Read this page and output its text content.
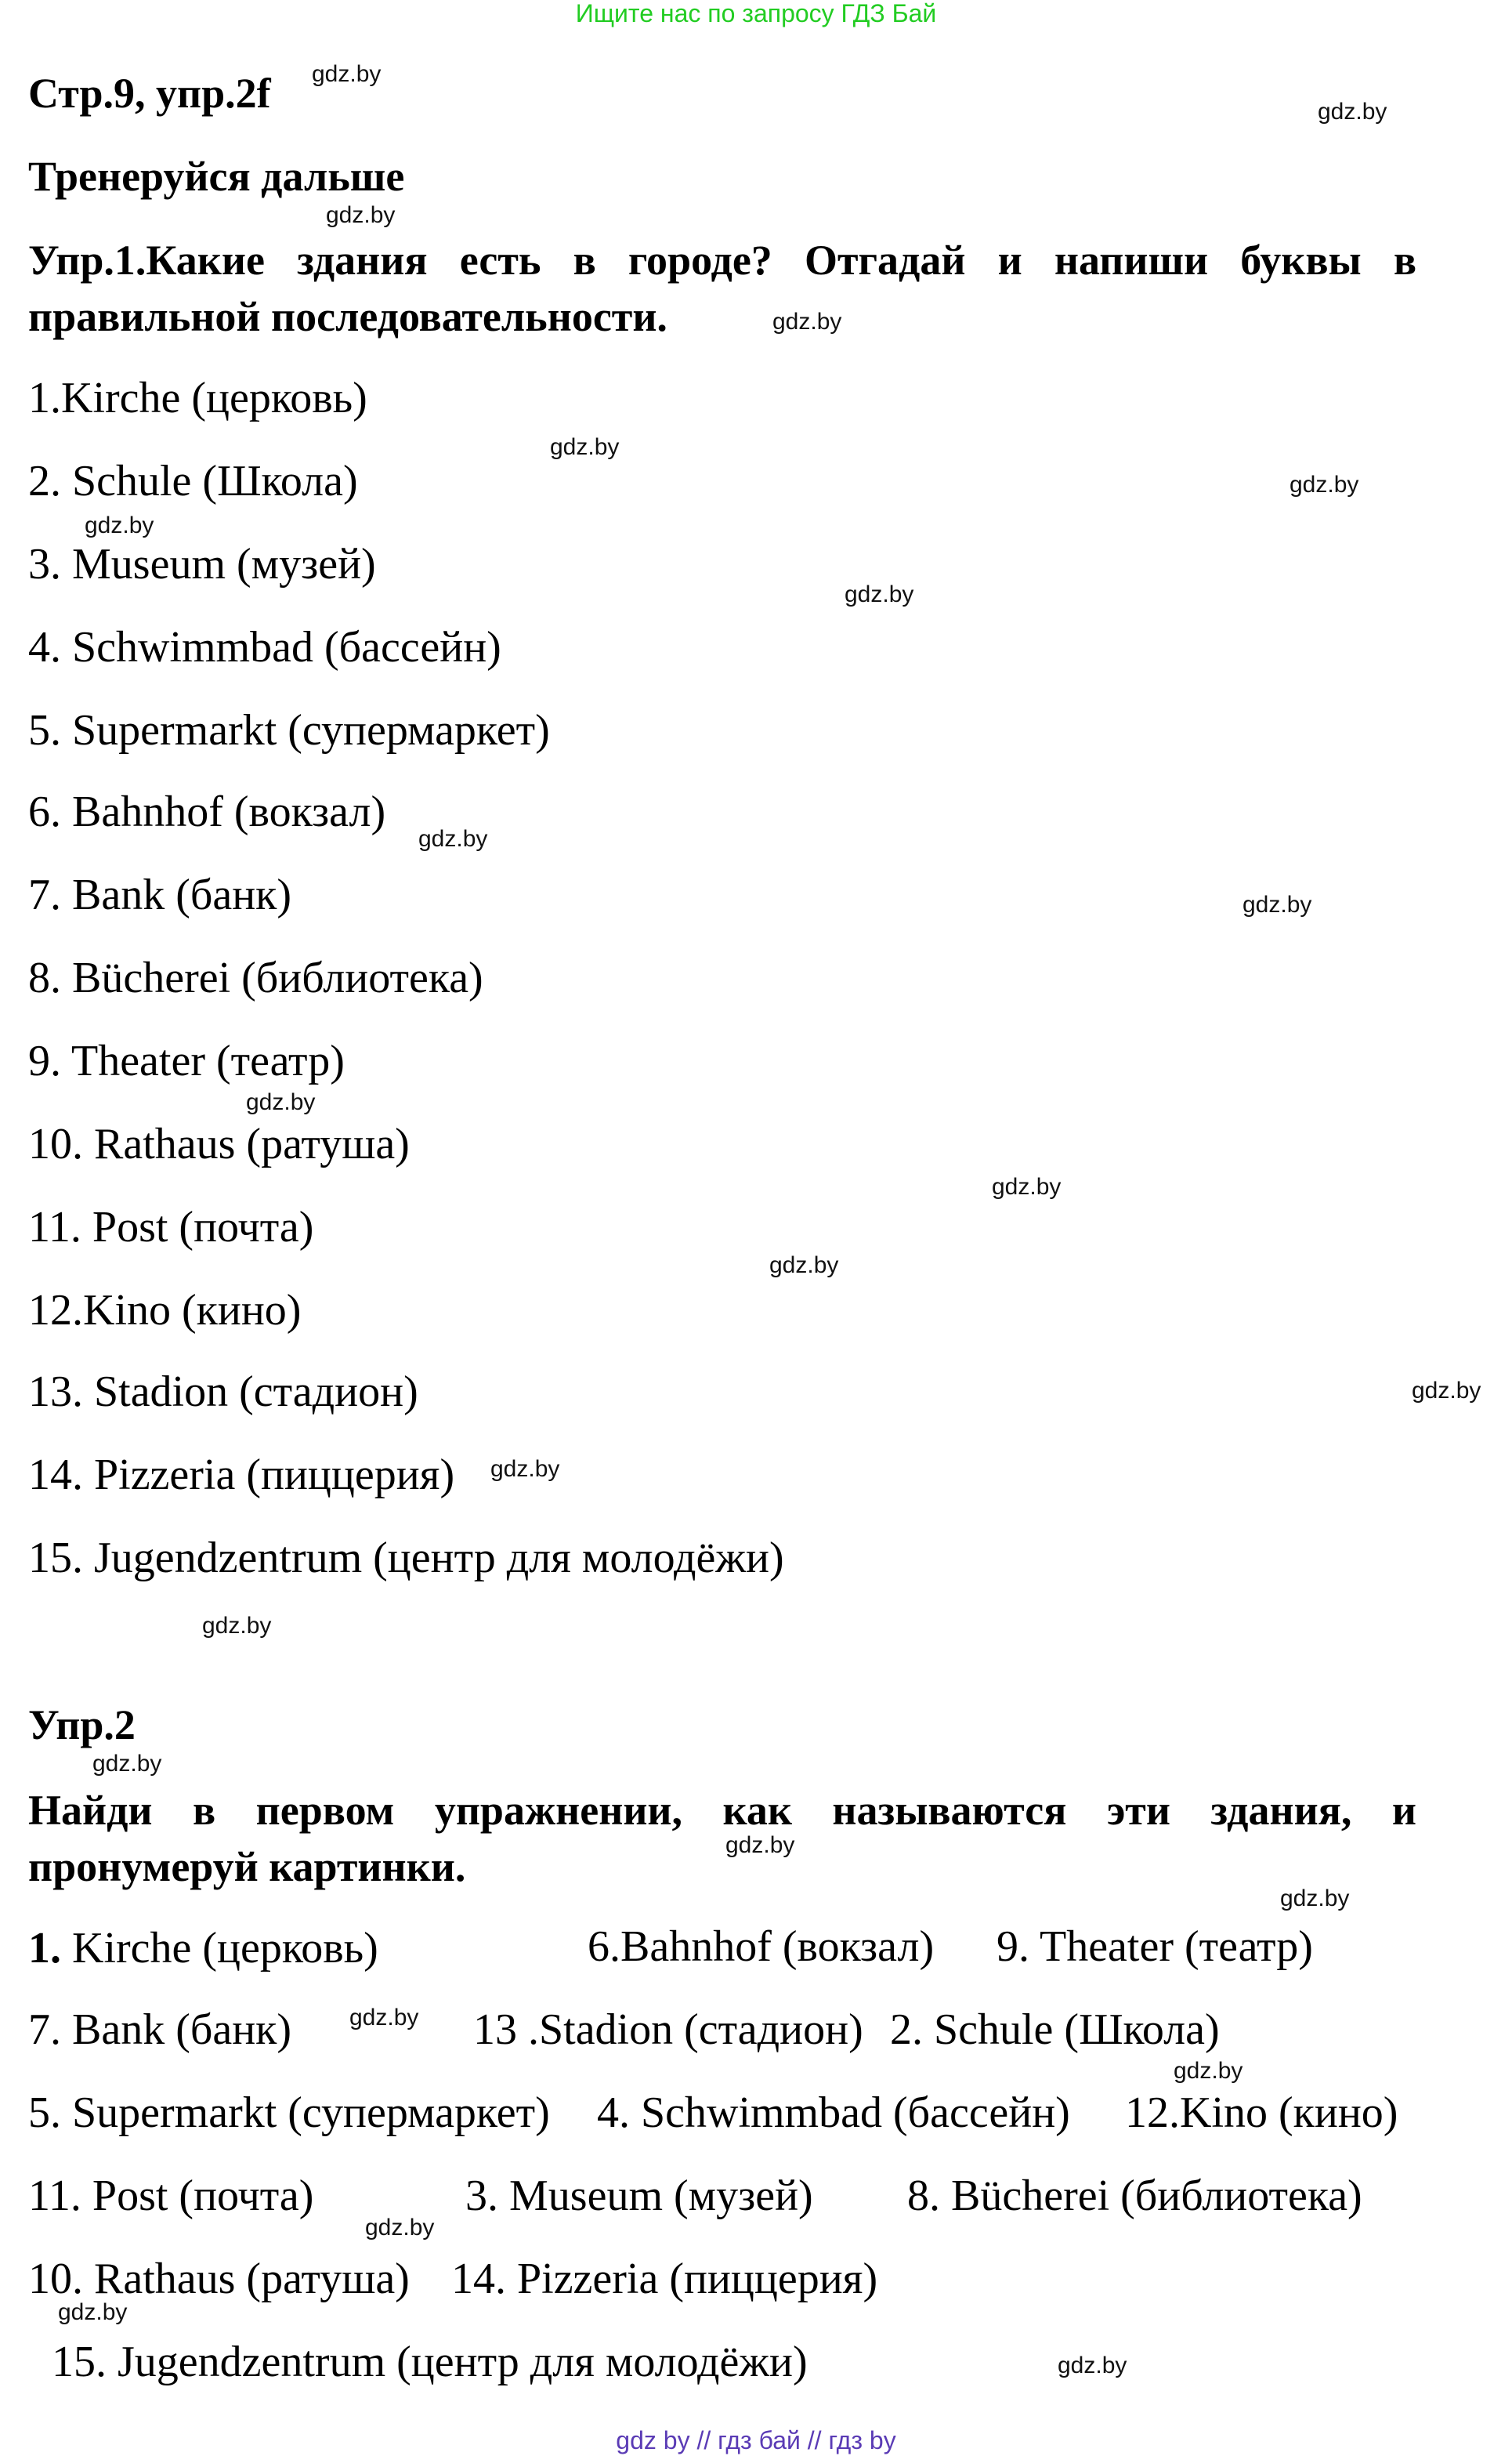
Ищите нас по запросу ГДЗ Бай
Стр.9, упр.2f
Тренеруйся дальше
Упр.1.Какие здания есть в городе? Отгадай и напиши буквы в правильной последовательности.
1.Kirche (церковь)
2. Schule (Школа)
3. Museum (музей)
4. Schwimmbad (бассейн)
5. Supermarkt (супермаркет)
6. Bahnhof (вокзал)
7. Bank (банк)
8. Bücherei (библиотека)
9. Theater (театр)
10. Rathaus (ратуша)
11. Post (почта)
12.Kino (кино)
13. Stadion (стадион)
14. Pizzeria (пиццерия)
15. Jugendzentrum (центр для молодёжи)
Упр.2
Найди в первом упражнении, как называются эти здания, и пронумеруй картинки.
1. Kirche (церковь)	6.Bahnhof (вокзал) 9. Theater (театр)
7. Bank (банк)	13 .Stadion (стадион) 2. Schule (Школа)
5. Supermarkt (супермаркет) 4. Schwimmbad (бассейн) 12.Kino (кино)
11. Post (почта)	3. Museum (музей) 8. Bücherei (библиотека)
10. Rathaus (ратуша) 14. Pizzeria (пиццерия)
15. Jugendzentrum (центр для молодёжи)
gdz.by
gdz.by
gdz.by
gdz.by
gdz.by
gdz.by
gdz.by
gdz.by
gdz.by
gdz.by
gdz.by
gdz.by
gdz.by
gdz.by
gdz.by
gdz.by
gdz.by
gdz.by
gdz.by
gdz.by
gdz.by
gdz.by
gdz.by
gdz.by
gdz by // гдз бай // гдз by
